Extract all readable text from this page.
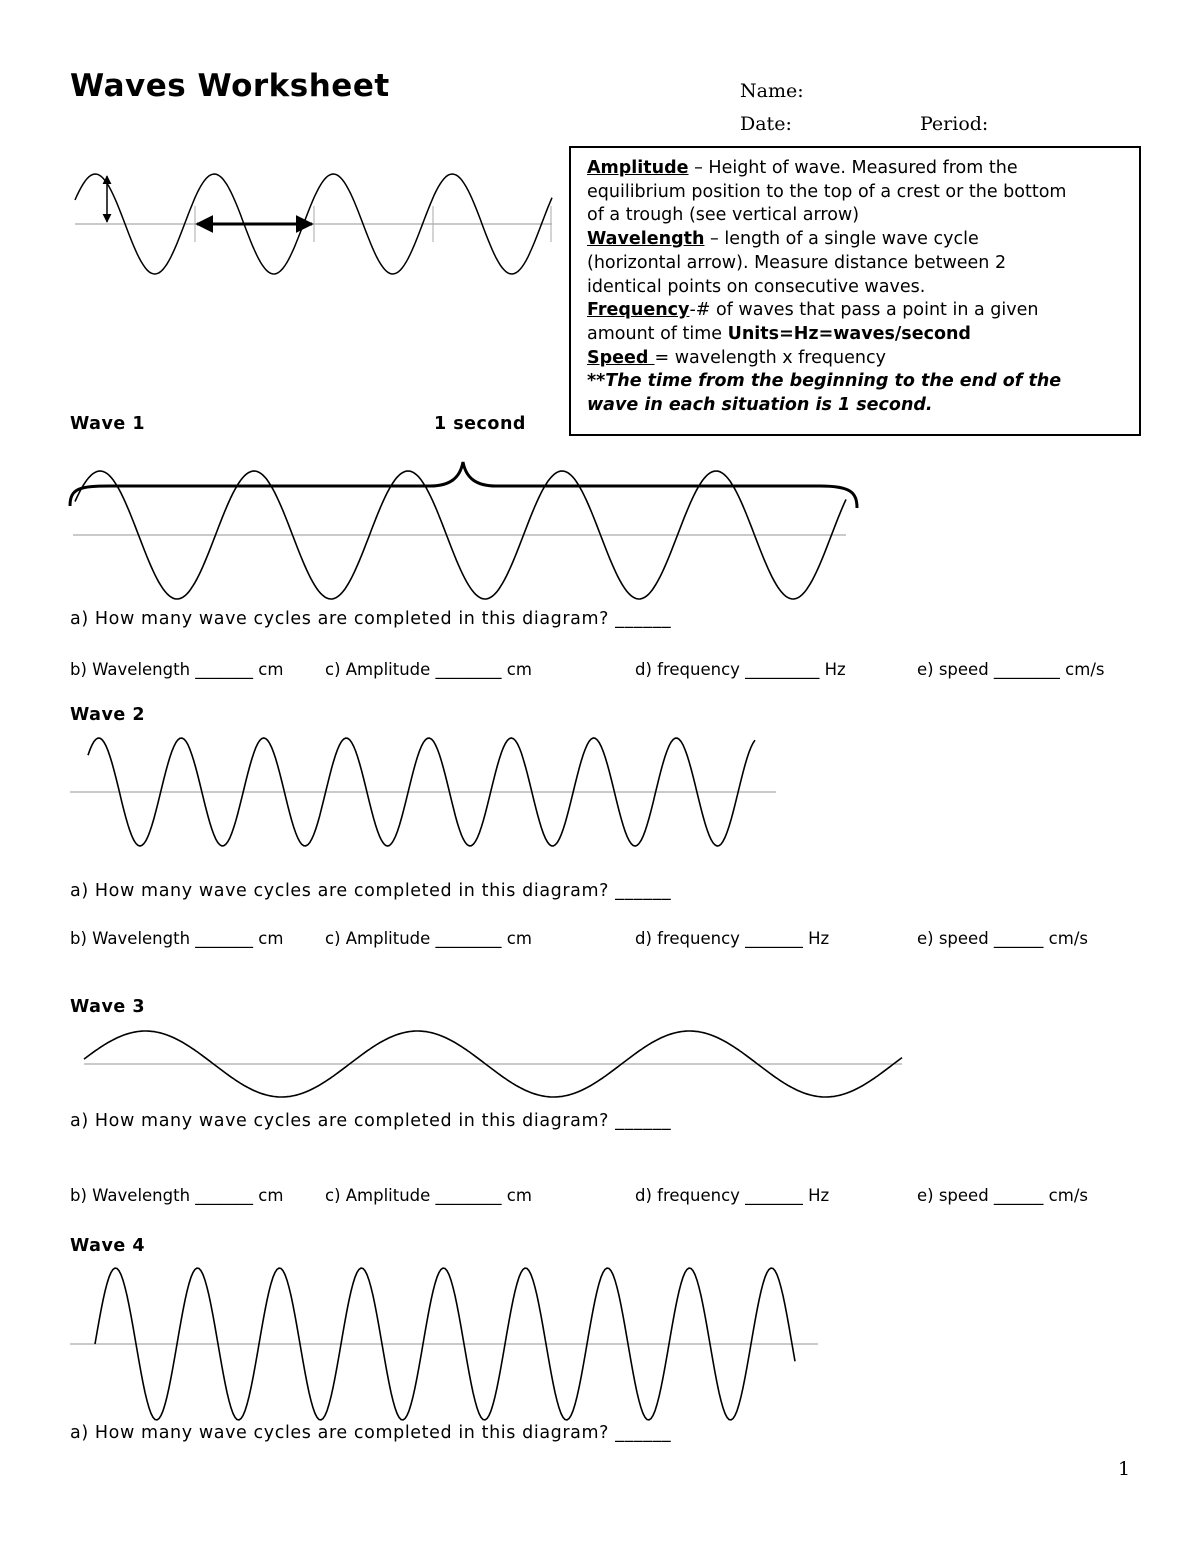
Waves Worksheet	Name:
Date:	Period:
Amplitude – Height of wave. Measured from the
equilibrium position to the top of a crest or the bottom
of a trough (see vertical arrow)
Wavelength – length of a single wave cycle
(horizontal arrow). Measure distance between 2
identical points on consecutive waves.
Frequency-# of waves that pass a point in a given
amount of time Units=Hz=waves/second
Speed = wavelength x frequency
**The time from the beginning to the end of the
wave in each situation is 1 second.
Wave 1	1 second
a) How many wave cycles are completed in this diagram? ______
b) Wavelength _______ cm	c) Amplitude ________ cm	d) frequency _________ Hz	e) speed ________ cm/s
Wave 2
a) How many wave cycles are completed in this diagram? ______
b) Wavelength _______ cm	c) Amplitude ________ cm	d) frequency _______ Hz	e) speed ______ cm/s
Wave 3
a) How many wave cycles are completed in this diagram? ______
b) Wavelength _______ cm	c) Amplitude ________ cm	d) frequency _______ Hz	e) speed ______ cm/s
Wave 4
a) How many wave cycles are completed in this diagram? ______
1
